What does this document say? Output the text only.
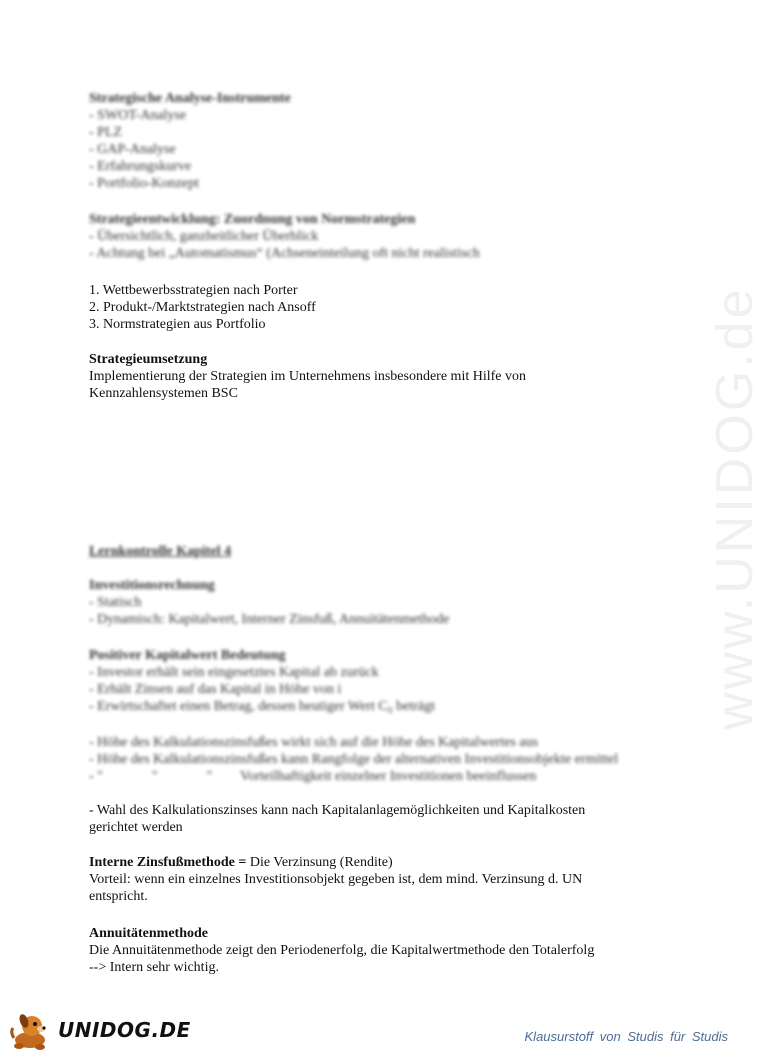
www.UNIDOG.de
Strategische Analyse-Instrumente
- SWOT-Analyse
- PLZ
- GAP-Analyse
- Erfahrungskurve
- Portfolio-Konzept
Strategieentwicklung: Zuordnung von Normstrategien
- Übersichtlich, ganzheitlicher Überblick
- Achtung bei „Automatismus“ (Achseneinteilung oft nicht realistisch
1. Wettbewerbsstrategien nach Porter
2. Produkt-/Marktstrategien nach Ansoff
3. Normstrategien aus Portfolio
Strategieumsetzung
Implementierung der Strategien im Unternehmens insbesondere mit Hilfe von
Kennzahlensystemen BSC
Lernkontrolle Kapitel 4
Investitionsrechnung
- Statisch
- Dynamisch: Kapitalwert, Interner Zinsfuß, Annuitätenmethode
Positiver Kapitalwert Bedeutung
- Investor erhält sein eingesetztes Kapital ab zurück
- Erhält Zinsen auf das Kapital in Höhe von i
- Erwirtschaftet einen Betrag, dessen heutiger Wert C₀ beträgt
- Höhe des Kalkulationszinsfußes wirkt sich auf die Höhe des Kapitalwertes aus
- Höhe des Kalkulationszinsfußes kann Rangfolge der alternativen Investitionsobjekte ermittel
- "              "              "        Vorteilhaftigkeit einzelner Investitionen beeinflussen
- Wahl des Kalkulationszinses kann nach Kapitalanlagemöglichkeiten und Kapitalkosten
gerichtet werden
Interne Zinsfußmethode = Die Verzinsung (Rendite)
Vorteil: wenn ein einzelnes Investitionsobjekt gegeben ist, dem mind. Verzinsung d. UN
entspricht.
Annuitätenmethode
Die Annuitätenmethode zeigt den Periodenerfolg, die Kapitalwertmethode den Totalerfolg
--> Intern sehr wichtig.
UNIDOG.DE	Klausurstoff von Studis für Studis
